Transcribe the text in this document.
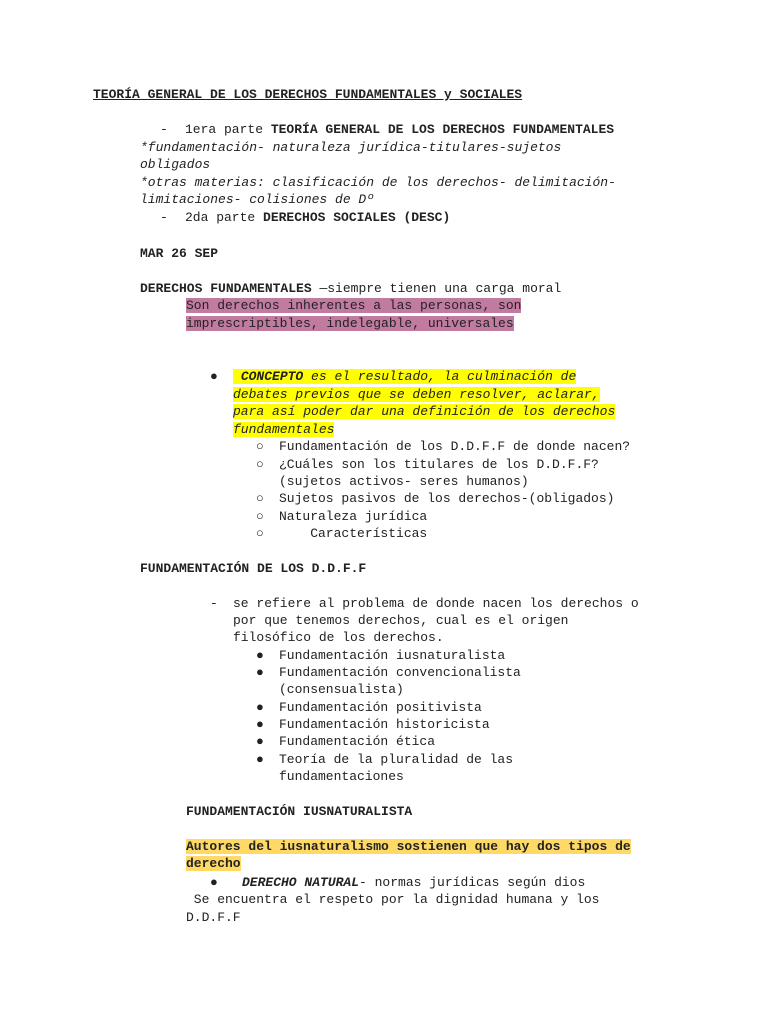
TEORÍA GENERAL DE LOS DERECHOS FUNDAMENTALES y SOCIALES
- 1era parte TEORÍA GENERAL DE LOS DERECHOS FUNDAMENTALES
*fundamentación- naturaleza jurídica-titulares-sujetos
obligados
*otras materias: clasificación de los derechos- delimitación-
limitaciones- colisiones de Dº
- 2da parte DERECHOS SOCIALES (DESC)
MAR 26 SEP
DERECHOS FUNDAMENTALES —siempre tienen una carga moral
Son derechos inherentes a las personas, son
imprescriptibles, indelegable, universales
●	CONCEPTO es el resultado, la culminación de
debates previos que se deben resolver, aclarar,
para así poder dar una definición de los derechos
fundamentales
○ Fundamentación de los D.D.F.F de donde nacen?
○ ¿Cuáles son los titulares de los D.D.F.F?
(sujetos activos- seres humanos)
○ Sujetos pasivos de los derechos-(obligados)
○ Naturaleza jurídica
○ Características
FUNDAMENTACIÓN DE LOS D.D.F.F
- se refiere al problema de donde nacen los derechos o
por que tenemos derechos, cual es el origen
filosófico de los derechos.
● Fundamentación iusnaturalista
● Fundamentación convencionalista
(consensualista)
● Fundamentación positivista
● Fundamentación historicista
● Fundamentación ética
● Teoría de la pluralidad de las
fundamentaciones
FUNDAMENTACIÓN IUSNATURALISTA
Autores del iusnaturalismo sostienen que hay dos tipos de
derecho
● DERECHO NATURAL- normas jurídicas según dios
Se encuentra el respeto por la dignidad humana y los
D.D.F.F
